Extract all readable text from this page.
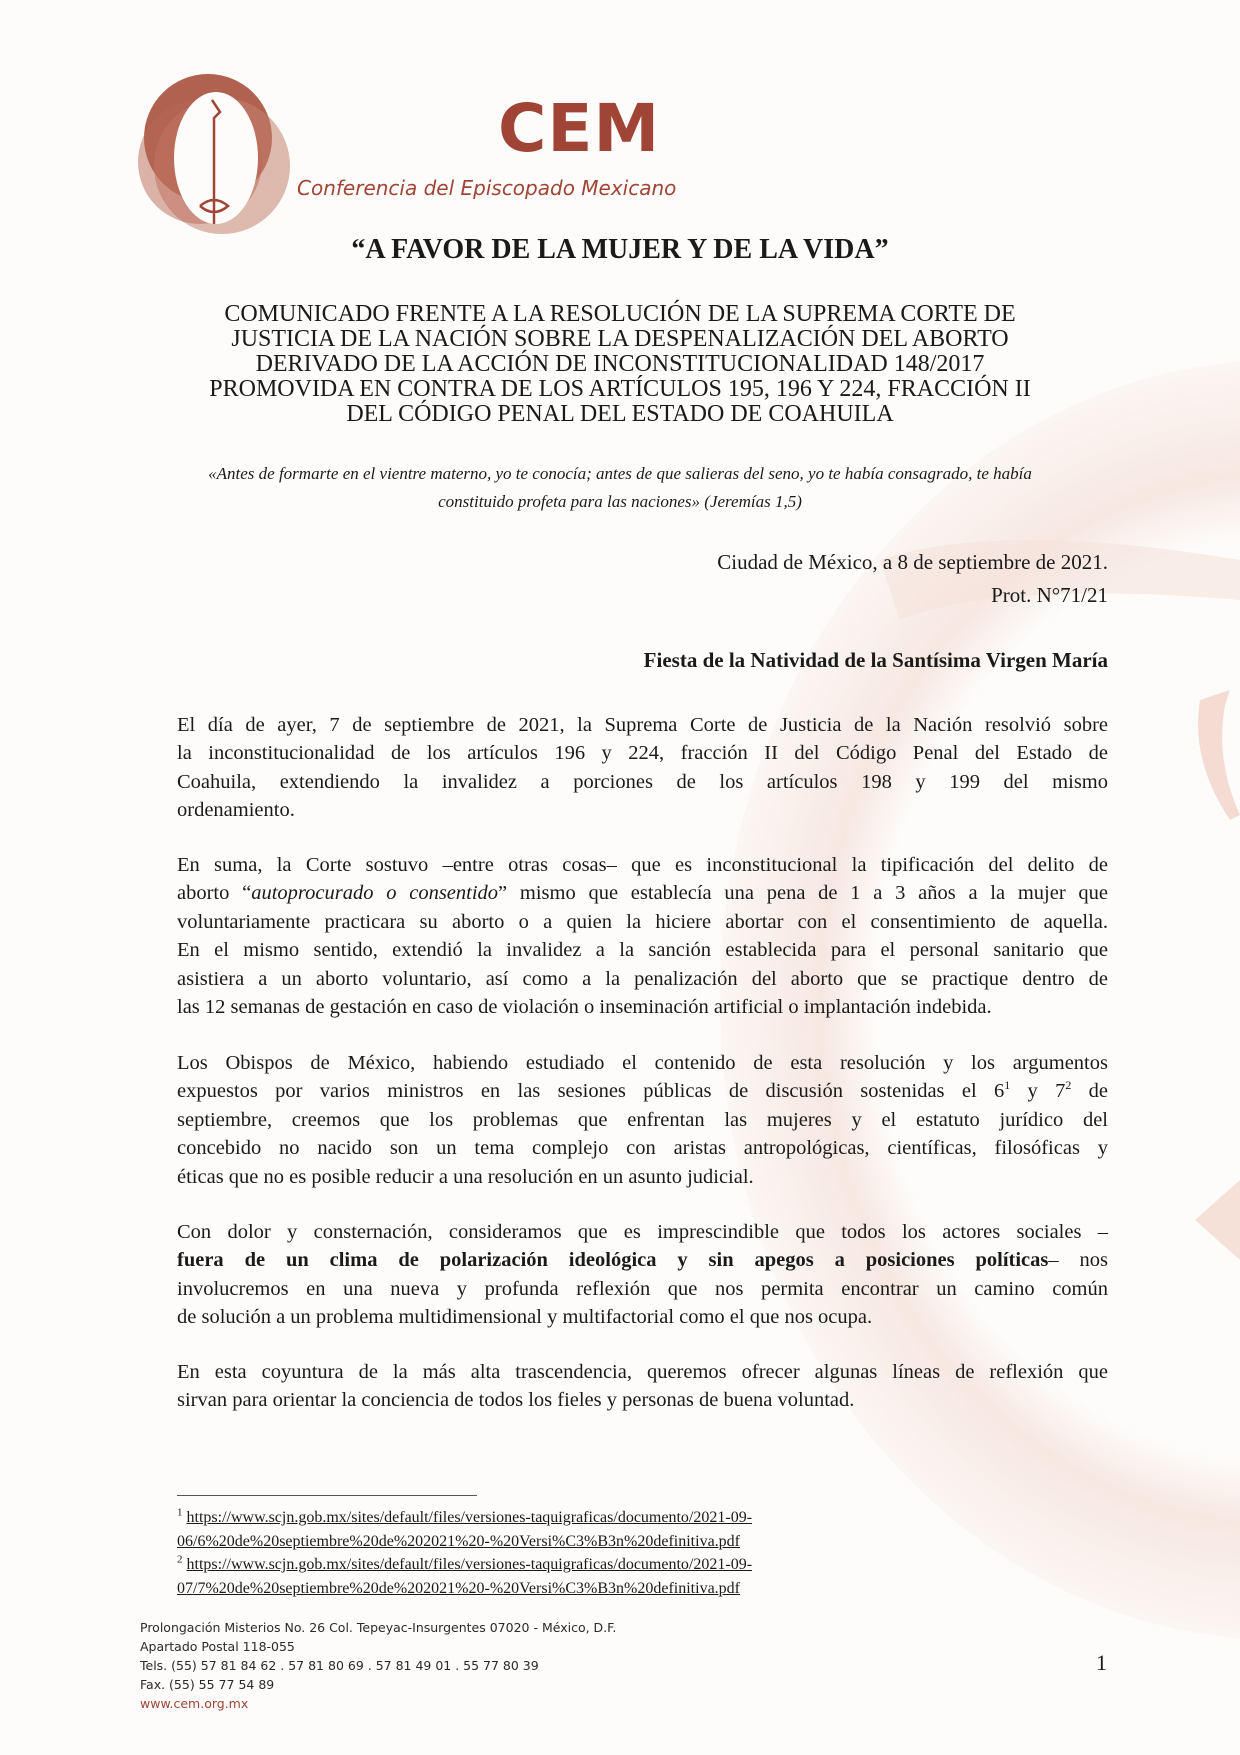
CEM
Conferencia del Episcopado Mexicano
“A FAVOR DE LA MUJER Y DE LA VIDA”
COMUNICADO FRENTE A LA RESOLUCIÓN DE LA SUPREMA CORTE DE
JUSTICIA DE LA NACIÓN SOBRE LA DESPENALIZACIÓN DEL ABORTO
DERIVADO DE LA ACCIÓN DE INCONSTITUCIONALIDAD 148/2017
PROMOVIDA EN CONTRA DE LOS ARTÍCULOS 195, 196 Y 224, FRACCIÓN II
DEL CÓDIGO PENAL DEL ESTADO DE COAHUILA
«Antes de formarte en el vientre materno, yo te conocía; antes de que salieras del seno, yo te había consagrado, te había
constituido profeta para las naciones» (Jeremías 1,5)
Ciudad de México, a 8 de septiembre de 2021.
Prot. N°71/21
Fiesta de la Natividad de la Santísima Virgen María
El día de ayer, 7 de septiembre de 2021, la Suprema Corte de Justicia de la Nación resolvió sobre
la inconstitucionalidad de los artículos 196 y 224, fracción II del Código Penal del Estado de
Coahuila, extendiendo la invalidez a porciones de los artículos 198 y 199 del mismo
ordenamiento.
En suma, la Corte sostuvo –entre otras cosas– que es inconstitucional la tipificación del delito de
aborto “autoprocurado o consentido” mismo que establecía una pena de 1 a 3 años a la mujer que
voluntariamente practicara su aborto o a quien la hiciere abortar con el consentimiento de aquella.
En el mismo sentido, extendió la invalidez a la sanción establecida para el personal sanitario que
asistiera a un aborto voluntario, así como a la penalización del aborto que se practique dentro de
las 12 semanas de gestación en caso de violación o inseminación artificial o implantación indebida.
Los Obispos de México, habiendo estudiado el contenido de esta resolución y los argumentos
expuestos por varios ministros en las sesiones públicas de discusión sostenidas el $6^1$ y $7^2$ de
septiembre, creemos que los problemas que enfrentan las mujeres y el estatuto jurídico del
concebido no nacido son un tema complejo con aristas antropológicas, científicas, filosóficas y
éticas que no es posible reducir a una resolución en un asunto judicial.
Con dolor y consternación, consideramos que es imprescindible que todos los actores sociales –
fuera de un clima de polarización ideológica y sin apegos a posiciones políticas– nos
involucremos en una nueva y profunda reflexión que nos permita encontrar un camino común
de solución a un problema multidimensional y multifactorial como el que nos ocupa.
En esta coyuntura de la más alta trascendencia, queremos ofrecer algunas líneas de reflexión que
sirvan para orientar la conciencia de todos los fieles y personas de buena voluntad.
$^1$ https://www.scjn.gob.mx/sites/default/files/versiones-taquigraficas/documento/2021-09-
06/6%20de%20septiembre%20de%202021%20-%20Versi%C3%B3n%20definitiva.pdf
$^2$ https://www.scjn.gob.mx/sites/default/files/versiones-taquigraficas/documento/2021-09-
07/7%20de%20septiembre%20de%202021%20-%20Versi%C3%B3n%20definitiva.pdf
Prolongación Misterios No. 26 Col. Tepeyac-Insurgentes 07020 - México, D.F.
Apartado Postal 118-055
Tels. (55) 57 81 84 62 . 57 81 80 69 . 57 81 49 01 . 55 77 80 39
Fax. (55) 55 77 54 89
www.cem.org.mx
1
